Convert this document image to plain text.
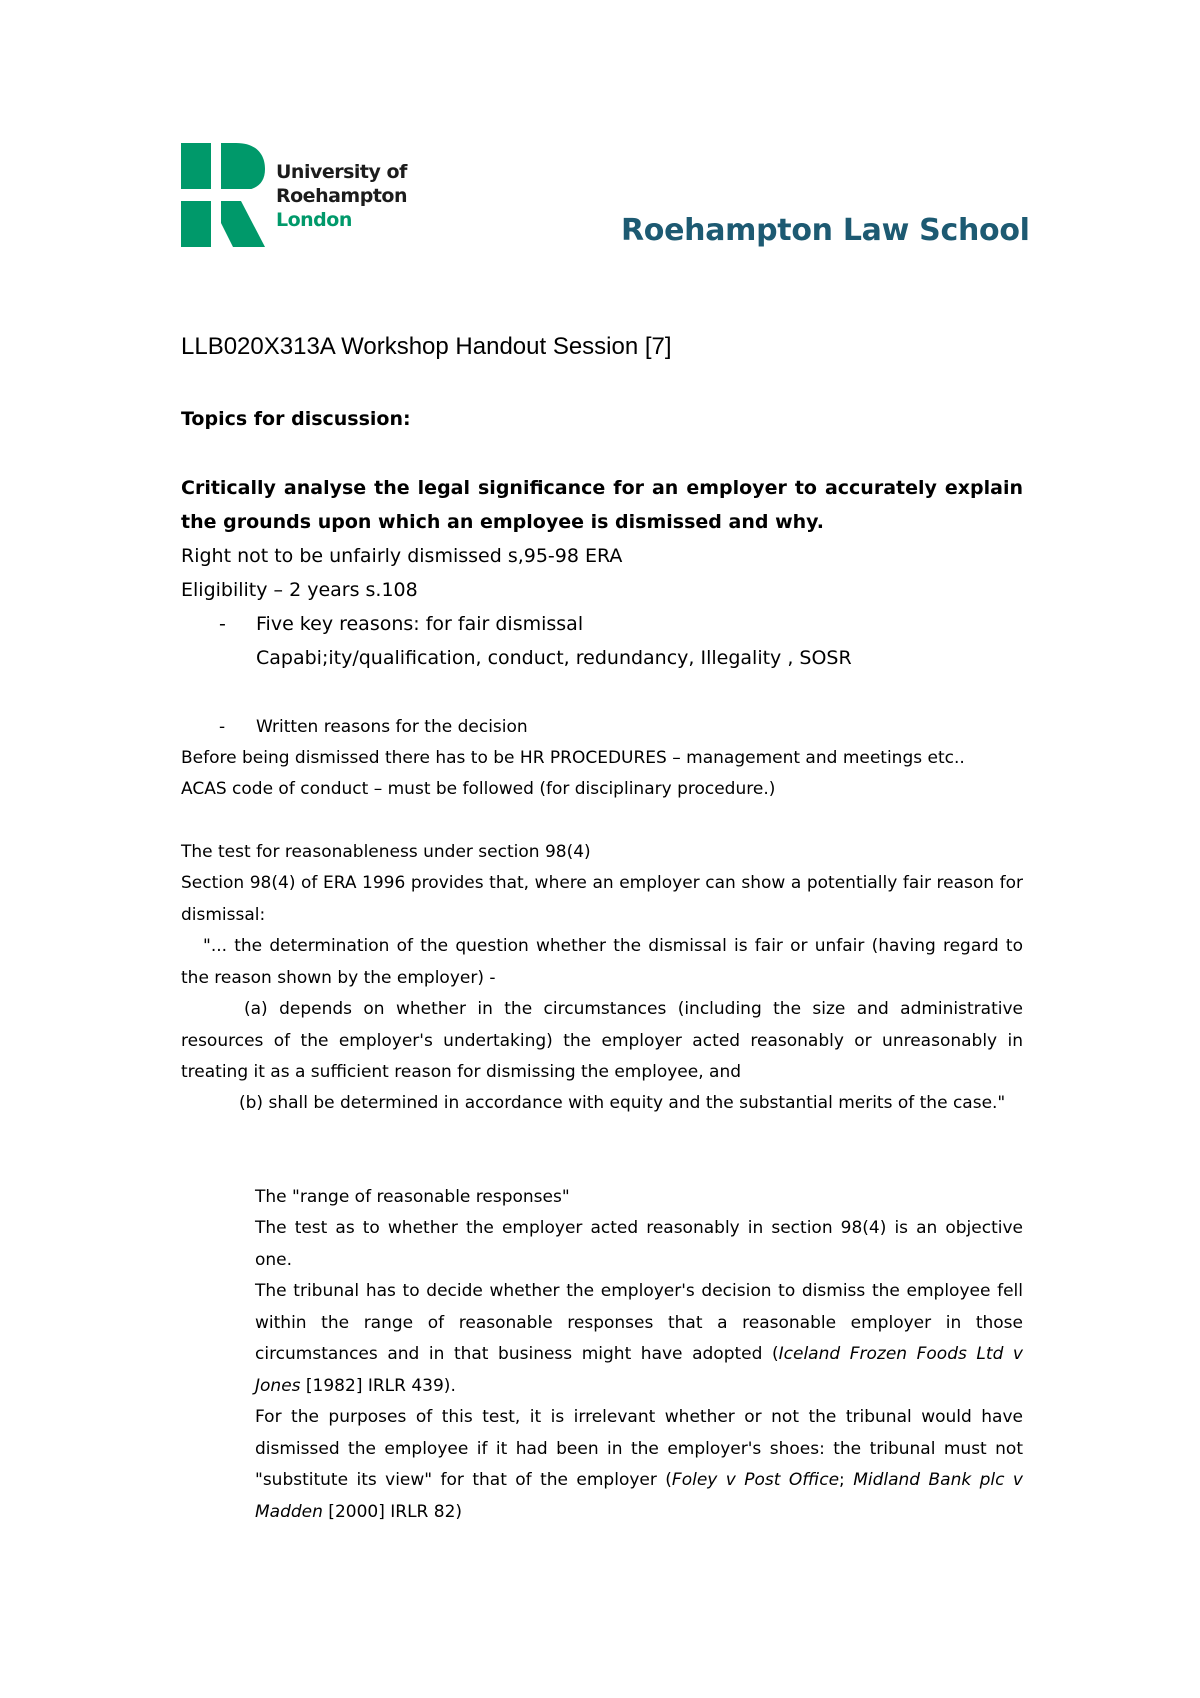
University of
Roehampton
London	Roehampton Law School
LLB020X313A Workshop Handout Session [7]
Topics for discussion:
Critically analyse the legal significance for an employer to accurately explain the grounds upon which an employee is dismissed and why.
Right not to be unfairly dismissed s,95-98 ERA
Eligibility – 2 years s.108
- Five key reasons: for fair dismissal
Capabi;ity/qualification, conduct, redundancy, Illegality , SOSR
- Written reasons for the decision
Before being dismissed there has to be HR PROCEDURES – management and meetings etc..
ACAS code of conduct – must be followed (for disciplinary procedure.)
The test for reasonableness under section 98(4)
Section 98(4) of ERA 1996 provides that, where an employer can show a potentially fair reason for dismissal:
"... the determination of the question whether the dismissal is fair or unfair (having regard to the reason shown by the employer) -
(a) depends on whether in the circumstances (including the size and administrative resources of the employer's undertaking) the employer acted reasonably or unreasonably in treating it as a sufficient reason for dismissing the employee, and
(b) shall be determined in accordance with equity and the substantial merits of the case."
The "range of reasonable responses"
The test as to whether the employer acted reasonably in section 98(4) is an objective one.
The tribunal has to decide whether the employer's decision to dismiss the employee fell within the range of reasonable responses that a reasonable employer in those circumstances and in that business might have adopted (Iceland Frozen Foods Ltd v Jones [1982] IRLR 439).
For the purposes of this test, it is irrelevant whether or not the tribunal would have dismissed the employee if it had been in the employer's shoes: the tribunal must not "substitute its view" for that of the employer (Foley v Post Office; Midland Bank plc v Madden [2000] IRLR 82)
